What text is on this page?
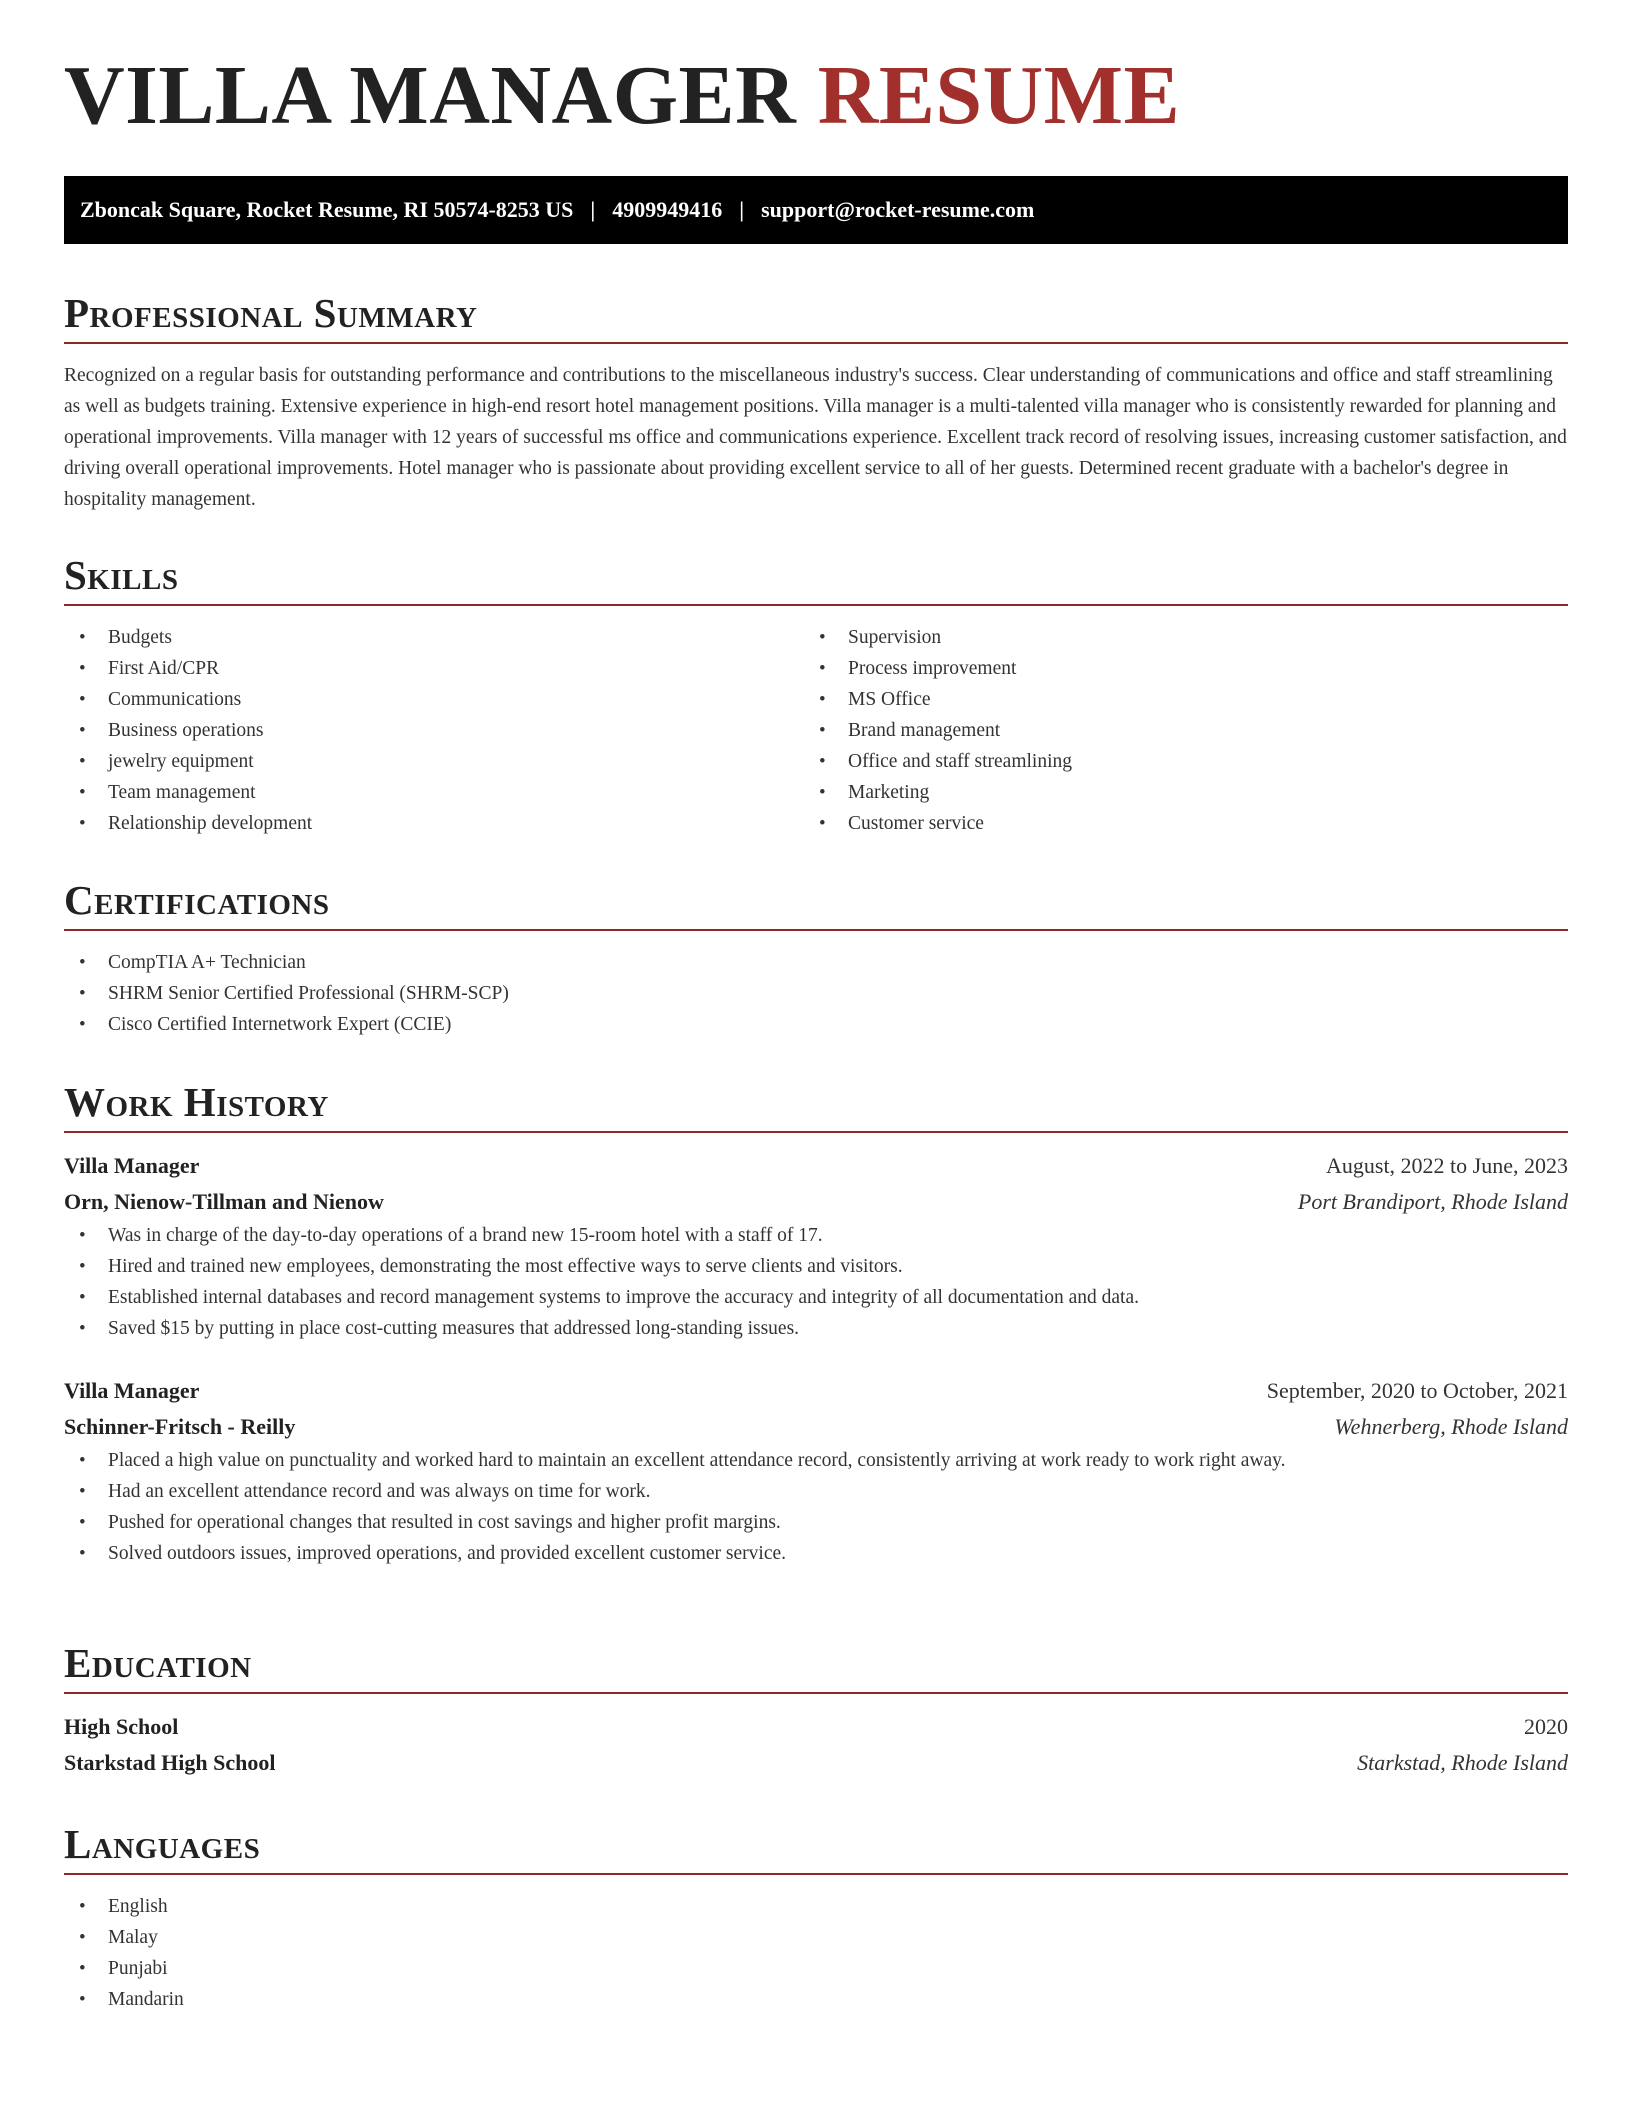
VILLA MANAGER RESUME
Zboncak Square, Rocket Resume, RI 50574-8253 US | 4909949416 | support@rocket-resume.com
Professional Summary

Recognized on a regular basis for outstanding performance and contributions to the miscellaneous industry's success. Clear understanding of communications and office and staff streamlining as well as budgets training. Extensive experience in high-end resort hotel management positions. Villa manager is a multi-talented villa manager who is consistently rewarded for planning and operational improvements. Villa manager with 12 years of successful ms office and communications experience. Excellent track record of resolving issues, increasing customer satisfaction, and driving overall operational improvements. Hotel manager who is passionate about providing excellent service to all of her guests. Determined recent graduate with a bachelor's degree in hospitality management.

Skills
• Budgets
• First Aid/CPR
• Communications
• Business operations
• jewelry equipment
• Team management
• Relationship development
• Supervision
• Process improvement
• MS Office
• Brand management
• Office and staff streamlining
• Marketing
• Customer service
Certifications
• CompTIA A+ Technician
• SHRM Senior Certified Professional (SHRM-SCP)
• Cisco Certified Internetwork Expert (CCIE)
Work History
Villa Manager	August, 2022 to June, 2023
Orn, Nienow-Tillman and Nienow	Port Brandiport, Rhode Island
• Was in charge of the day-to-day operations of a brand new 15-room hotel with a staff of 17.
• Hired and trained new employees, demonstrating the most effective ways to serve clients and visitors.
• Established internal databases and record management systems to improve the accuracy and integrity of all documentation and data.
• Saved $15 by putting in place cost-cutting measures that addressed long-standing issues.
Villa Manager	September, 2020 to October, 2021
Schinner-Fritsch - Reilly	Wehnerberg, Rhode Island
• Placed a high value on punctuality and worked hard to maintain an excellent attendance record, consistently arriving at work ready to work right away.
• Had an excellent attendance record and was always on time for work.
• Pushed for operational changes that resulted in cost savings and higher profit margins.
• Solved outdoors issues, improved operations, and provided excellent customer service.
Education
High School	2020
Starkstad High School	Starkstad, Rhode Island
Languages
• English
• Malay
• Punjabi
• Mandarin
